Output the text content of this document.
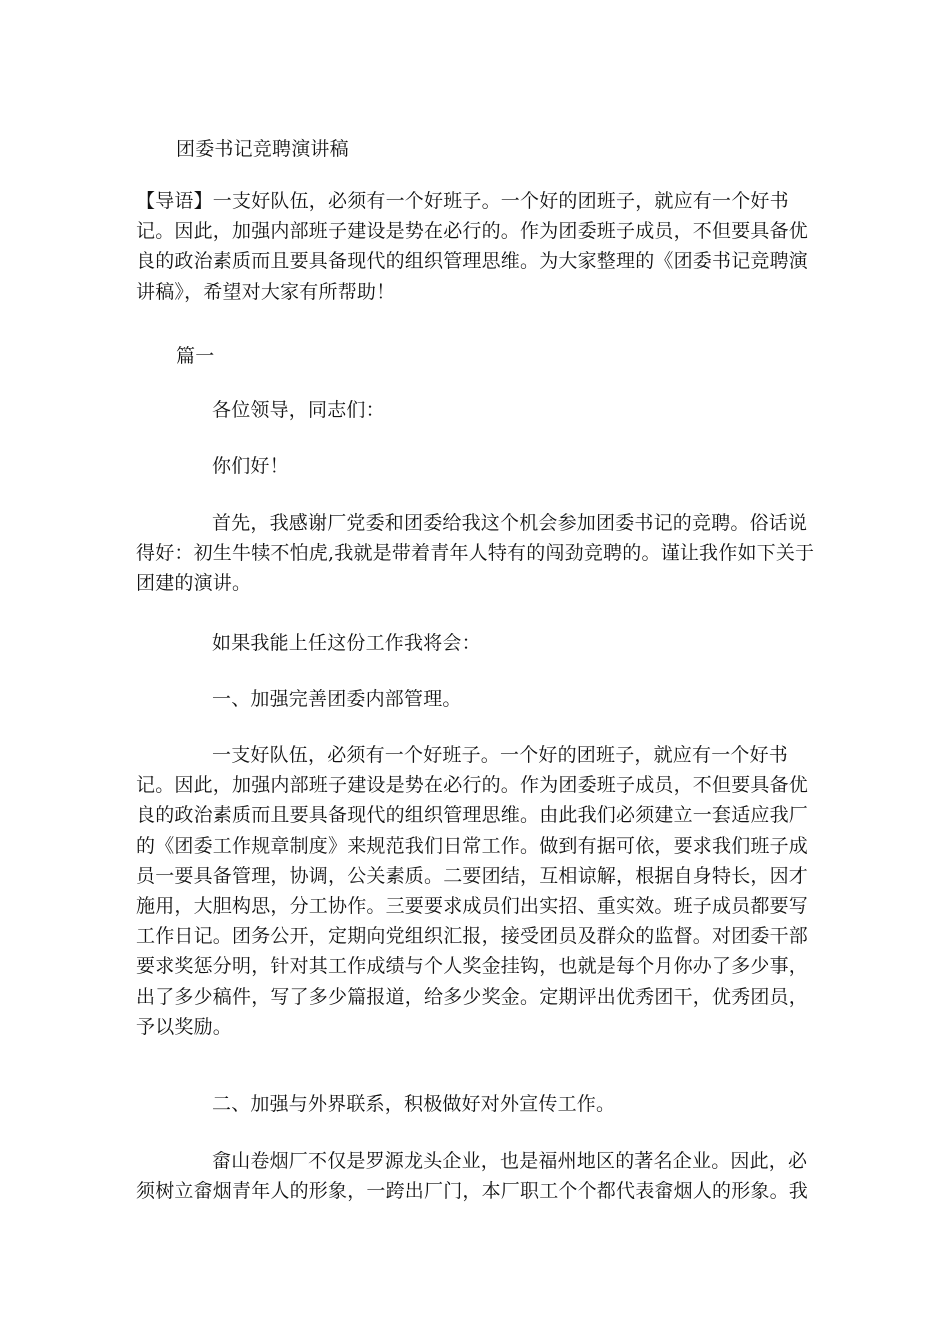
团委书记竞聘演讲稿

【导语】一支好队伍，必须有一个好班子。一个好的团班子，就应有一个好书记。因此，加强内部班子建设是势在必行的。作为团委班子成员，不但要具备优良的政治素质而且要具备现代的组织管理思维。为大家整理的《团委书记竞聘演讲稿》，希望对大家有所帮助！

篇一

各位领导，同志们：

你们好！

首先，我感谢厂党委和团委给我这个机会参加团委书记的竞聘。俗话说得好：初生牛犊不怕虎,我就是带着青年人特有的闯劲竞聘的。谨让我作如下关于团建的演讲。

如果我能上任这份工作我将会：

一、加强完善团委内部管理。

一支好队伍，必须有一个好班子。一个好的团班子，就应有一个好书记。因此，加强内部班子建设是势在必行的。作为团委班子成员，不但要具备优良的政治素质而且要具备现代的组织管理思维。由此我们必须建立一套适应我厂的《团委工作规章制度》来规范我们日常工作。做到有据可依，要求我们班子成员一要具备管理，协调，公关素质。二要团结，互相谅解，根据自身特长，因才施用，大胆构思，分工协作。三要要求成员们出实招、重实效。班子成员都要写工作日记。团务公开，定期向党组织汇报，接受团员及群众的监督。对团委干部要求奖惩分明，针对其工作成绩与个人奖金挂钩，也就是每个月你办了多少事，出了多少稿件，写了多少篇报道，给多少奖金。定期评出优秀团干，优秀团员，予以奖励。

二、加强与外界联系，积极做好对外宣传工作。

畲山卷烟厂不仅是罗源龙头企业，也是福州地区的著名企业。因此，必须树立畲烟青年人的形象，一跨出厂门，本厂职工个个都代表畲烟人的形象。我
